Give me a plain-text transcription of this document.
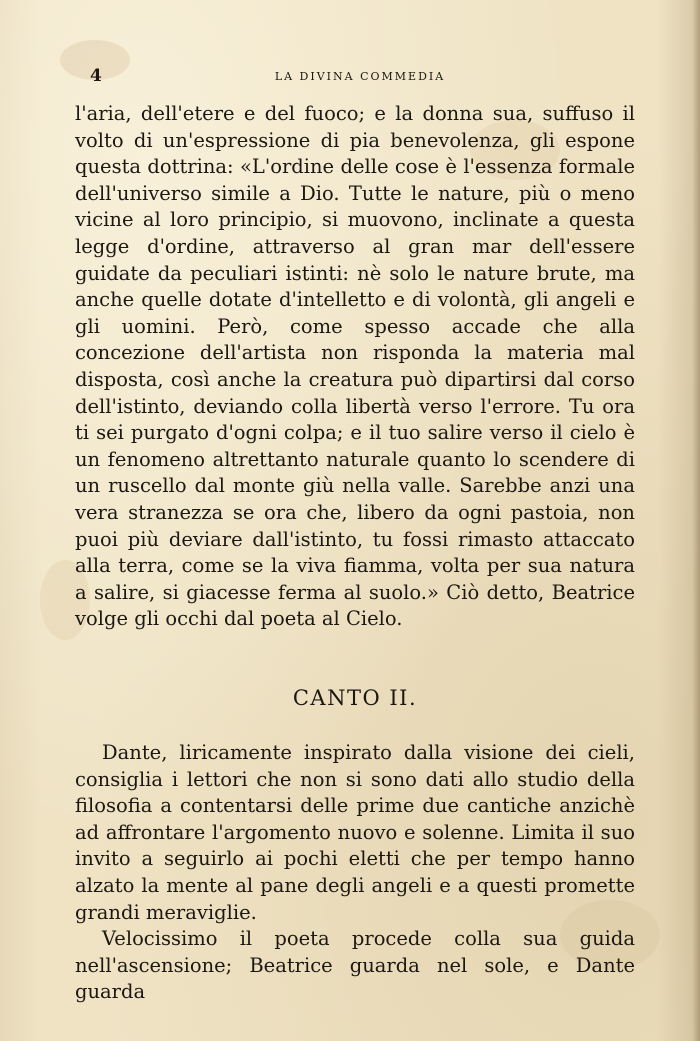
4	LA DIVINA COMMEDIA

l'aria, dell'etere e del fuoco; e la donna sua, suffuso il volto di un'espressione di pia benevolenza, gli espone questa dottrina: «L'ordine delle cose è l'essenza formale dell'universo simile a Dio. Tutte le nature, più o meno vicine al loro principio, si muovono, inclinate a questa legge d'ordine, attraverso al gran mar dell'essere guidate da peculiari istinti: nè solo le nature brute, ma anche quelle dotate d'intelletto e di volontà, gli angeli e gli uomini. Però, come spesso accade che alla concezione dell'artista non risponda la materia mal disposta, così anche la creatura può dipartirsi dal corso dell'istinto, deviando colla libertà verso l'errore. Tu ora ti sei purgato d'ogni colpa; e il tuo salire verso il cielo è un fenomeno altrettanto naturale quanto lo scendere di un ruscello dal monte giù nella valle. Sarebbe anzi una vera stranezza se ora che, libero da ogni pastoia, non puoi più deviare dall'istinto, tu fossi rimasto attaccato alla terra, come se la viva fiamma, volta per sua natura a salire, si giacesse ferma al suolo.» Ciò detto, Beatrice volge gli occhi dal poeta al Cielo.

CANTO II.

Dante, liricamente inspirato dalla visione dei cieli, consiglia i lettori che non si sono dati allo studio della filosofia a contentarsi delle prime due cantiche anzichè ad affrontare l'argomento nuovo e solenne. Limita il suo invito a seguirlo ai pochi eletti che per tempo hanno alzato la mente al pane degli angeli e a questi promette grandi meraviglie.

Velocissimo il poeta procede colla sua guida nell'ascensione; Beatrice guarda nel sole, e Dante guarda
